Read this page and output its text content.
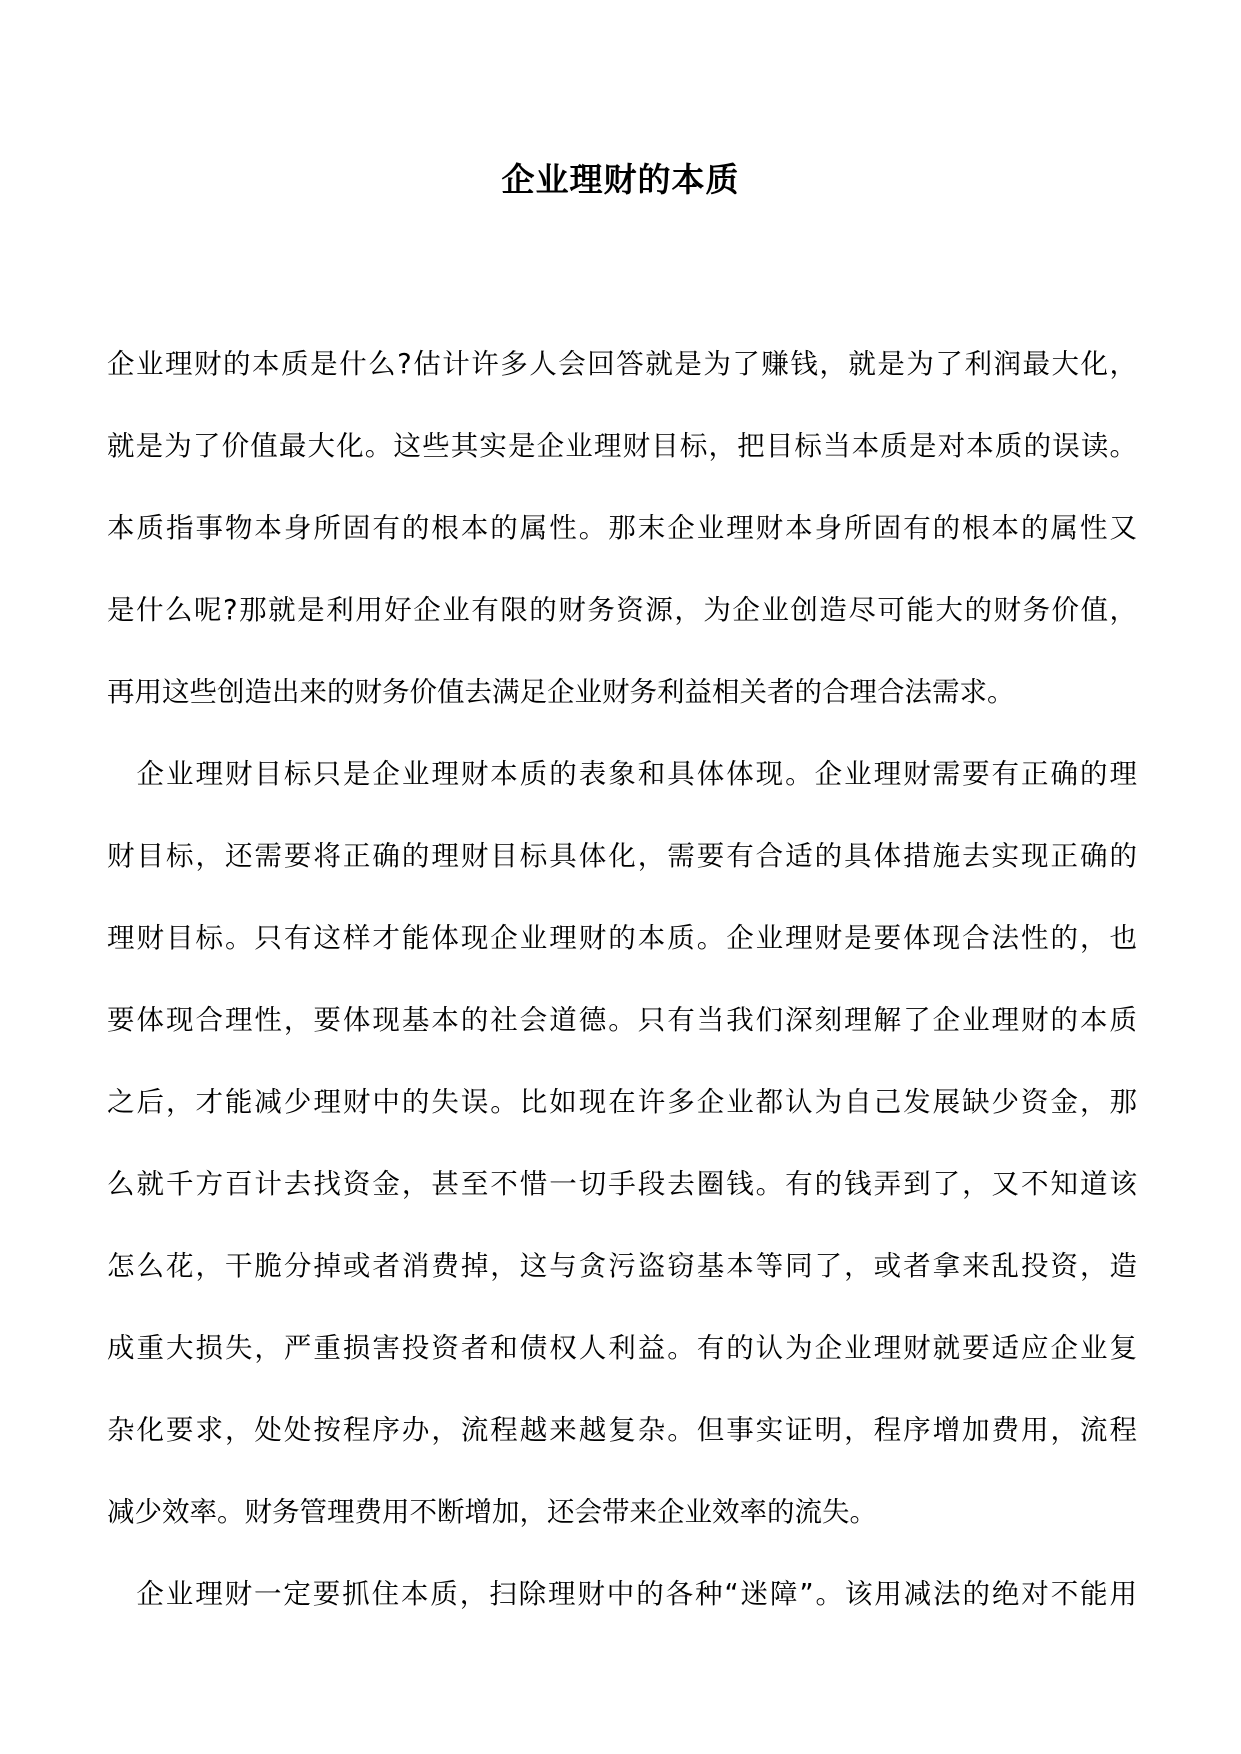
企业理财的本质
企业理财的本质是什么?估计许多人会回答就是为了赚钱，就是为了利润最大化，
就是为了价值最大化。这些其实是企业理财目标，把目标当本质是对本质的误读。
本质指事物本身所固有的根本的属性。那末企业理财本身所固有的根本的属性又
是什么呢?那就是利用好企业有限的财务资源，为企业创造尽可能大的财务价值，
再用这些创造出来的财务价值去满足企业财务利益相关者的合理合法需求。
　企业理财目标只是企业理财本质的表象和具体体现。企业理财需要有正确的理
财目标，还需要将正确的理财目标具体化，需要有合适的具体措施去实现正确的
理财目标。只有这样才能体现企业理财的本质。企业理财是要体现合法性的，也
要体现合理性，要体现基本的社会道德。只有当我们深刻理解了企业理财的本质
之后，才能减少理财中的失误。比如现在许多企业都认为自己发展缺少资金，那
么就千方百计去找资金，甚至不惜一切手段去圈钱。有的钱弄到了，又不知道该
怎么花，干脆分掉或者消费掉，这与贪污盗窃基本等同了，或者拿来乱投资，造
成重大损失，严重损害投资者和债权人利益。有的认为企业理财就要适应企业复
杂化要求，处处按程序办，流程越来越复杂。但事实证明，程序增加费用，流程
减少效率。财务管理费用不断增加，还会带来企业效率的流失。
　企业理财一定要抓住本质，扫除理财中的各种“迷障”。该用减法的绝对不能用
